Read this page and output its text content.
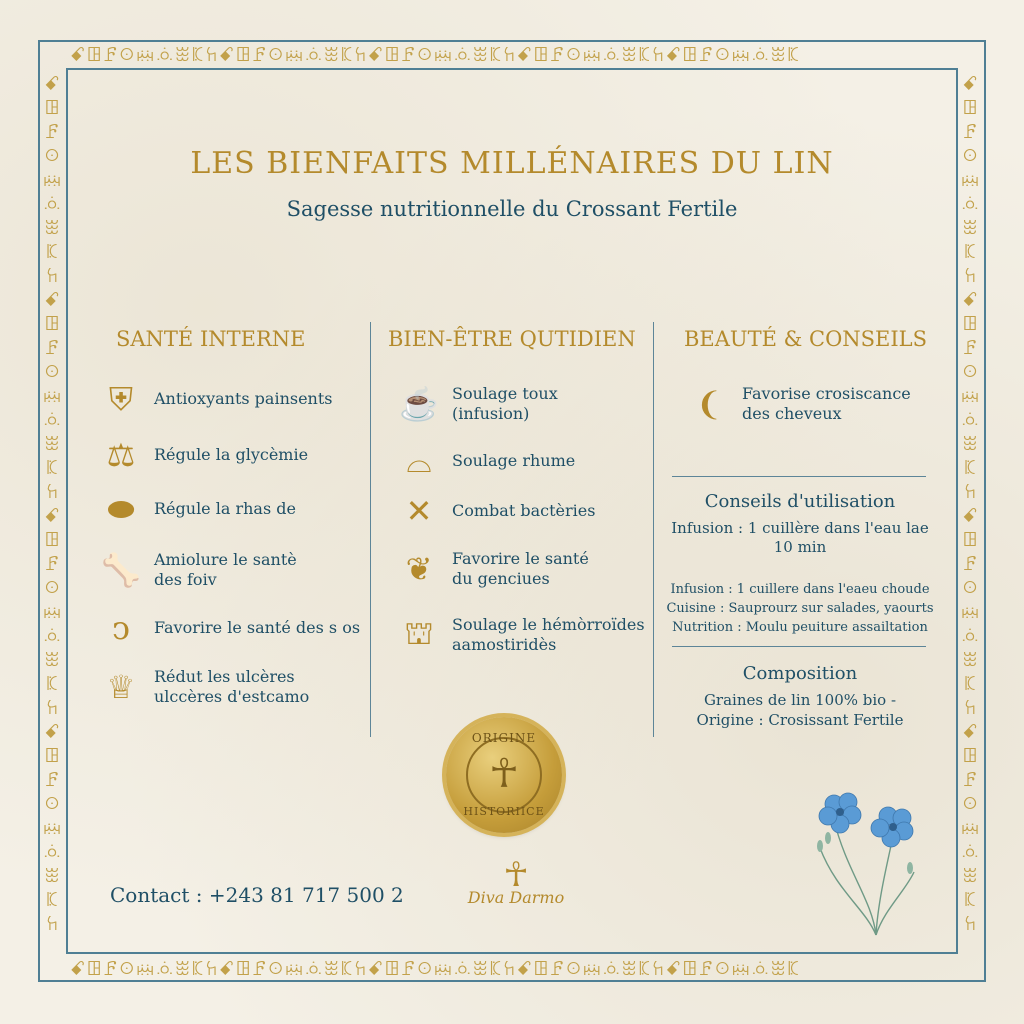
ꗃꖸꗓꖴꗜꗝꖿꗫꖷꗃꖸꗓꖴꗜꗝꖿꗫꖷꗃꖸꗓꖴꗜꗝꖿꗫꖷꗃꖸꗓꖴꗜꗝꖿꗫꖷꗃꖸꗓꖴꗜꗝꖿꗫ
ꗃꖸꗓꖴꗜꗝꖿꗫꖷꗃꖸꗓꖴꗜꗝꖿꗫꖷꗃꖸꗓꖴꗜꗝꖿꗫꖷꗃꖸꗓꖴꗜꗝꖿꗫꖷꗃꖸꗓꖴꗜꗝꖿꗫ
ꗃꖸꗓꖴꗜꗝꖿꗫꖷꗃꖸꗓꖴꗜꗝꖿꗫꖷꗃꖸꗓꖴꗜꗝꖿꗫꖷꗃꖸꗓꖴꗜꗝꖿꗫꖷ
ꗃꖸꗓꖴꗜꗝꖿꗫꖷꗃꖸꗓꖴꗜꗝꖿꗫꖷꗃꖸꗓꖴꗜꗝꖿꗫꖷꗃꖸꗓꖴꗜꗝꖿꗫꖷ
LES BIENFAITS MILLÉNAIRES DU LIN
Sagesse nutritionnelle du Crossant Fertile
SANTÉ INTERNE
⛨	Antioxyants painsents
⚖	Régule la glycèmie
⬬	Régule la rhas de
🦴 Amiolure le santè
des foiv
ↄ	Favorire le santé des s os
♕	Rédut les ulcères
ulccères d'estcamo
BIEN-ÊTRE QUTIDIEN
☕ Soulage toux
(infusion)
⌓	Soulage rhume
✕	Combat bactèries
❦	Favorire le santé
du genciues
⛫	Soulage le hémòrroïdes
aamostiridès
BEAUTÉ & CONSEILS
❨	Favorise crosiscance
des cheveux
Conseils d'utilisation
Infusion : 1 cuillère dans l'eau lae
10 min
Infusion : 1 cuillere dans l'eaeu choude
Cuisine : Sauprourz sur salades, yaourts
Nutrition : Moulu peuiture assailtation
Composition
Graines de lin 100% bio -
Origine : Crosissant Fertile
ORIGINE
☥
HISTORIICE
Contact : +243 81 717 500 2	☥
Diva Darmo
